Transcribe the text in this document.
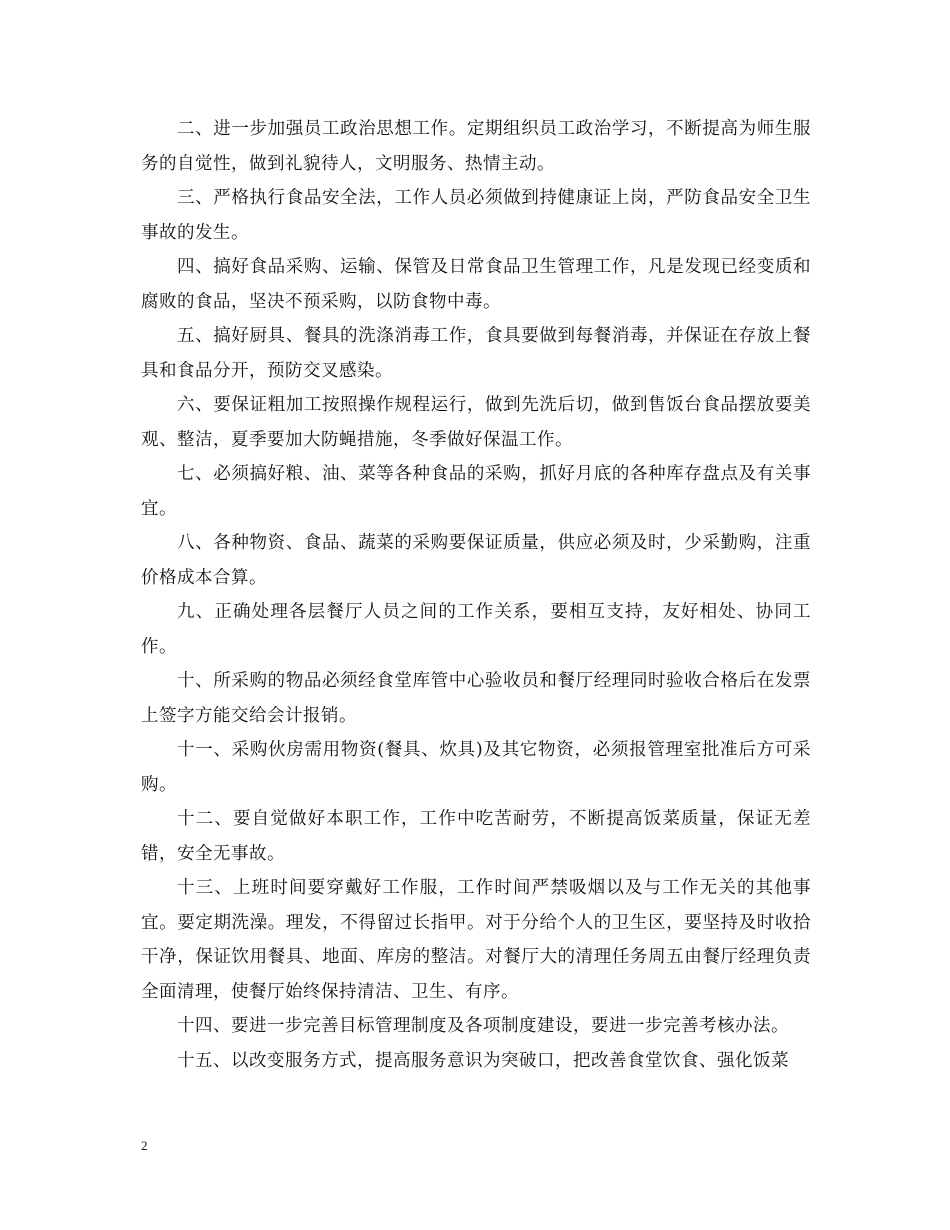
二、进一步加强员工政治思想工作。定期组织员工政治学习，不断提高为师生服务的自觉性，做到礼貌待人，文明服务、热情主动。

三、严格执行食品安全法，工作人员必须做到持健康证上岗，严防食品安全卫生事故的发生。

四、搞好食品采购、运输、保管及日常食品卫生管理工作，凡是发现已经变质和腐败的食品，坚决不预采购，以防食物中毒。

五、搞好厨具、餐具的洗涤消毒工作，食具要做到每餐消毒，并保证在存放上餐具和食品分开，预防交叉感染。

六、要保证粗加工按照操作规程运行，做到先洗后切，做到售饭台食品摆放要美观、整洁，夏季要加大防蝇措施，冬季做好保温工作。

七、必须搞好粮、油、菜等各种食品的采购，抓好月底的各种库存盘点及有关事宜。

八、各种物资、食品、蔬菜的采购要保证质量，供应必须及时，少采勤购，注重价格成本合算。

九、正确处理各层餐厅人员之间的工作关系，要相互支持，友好相处、协同工作。

十、所采购的物品必须经食堂库管中心验收员和餐厅经理同时验收合格后在发票上签字方能交给会计报销。

十一、采购伙房需用物资(餐具、炊具)及其它物资，必须报管理室批准后方可采购。

十二、要自觉做好本职工作，工作中吃苦耐劳，不断提高饭菜质量，保证无差错，安全无事故。

十三、上班时间要穿戴好工作服，工作时间严禁吸烟以及与工作无关的其他事宜。要定期洗澡。理发，不得留过长指甲。对于分给个人的卫生区，要坚持及时收拾干净，保证饮用餐具、地面、库房的整洁。对餐厅大的清理任务周五由餐厅经理负责全面清理，使餐厅始终保持清洁、卫生、有序。

十四、要进一步完善目标管理制度及各项制度建设，要进一步完善考核办法。

十五、以改变服务方式，提高服务意识为突破口，把改善食堂饮食、强化饭菜

2
